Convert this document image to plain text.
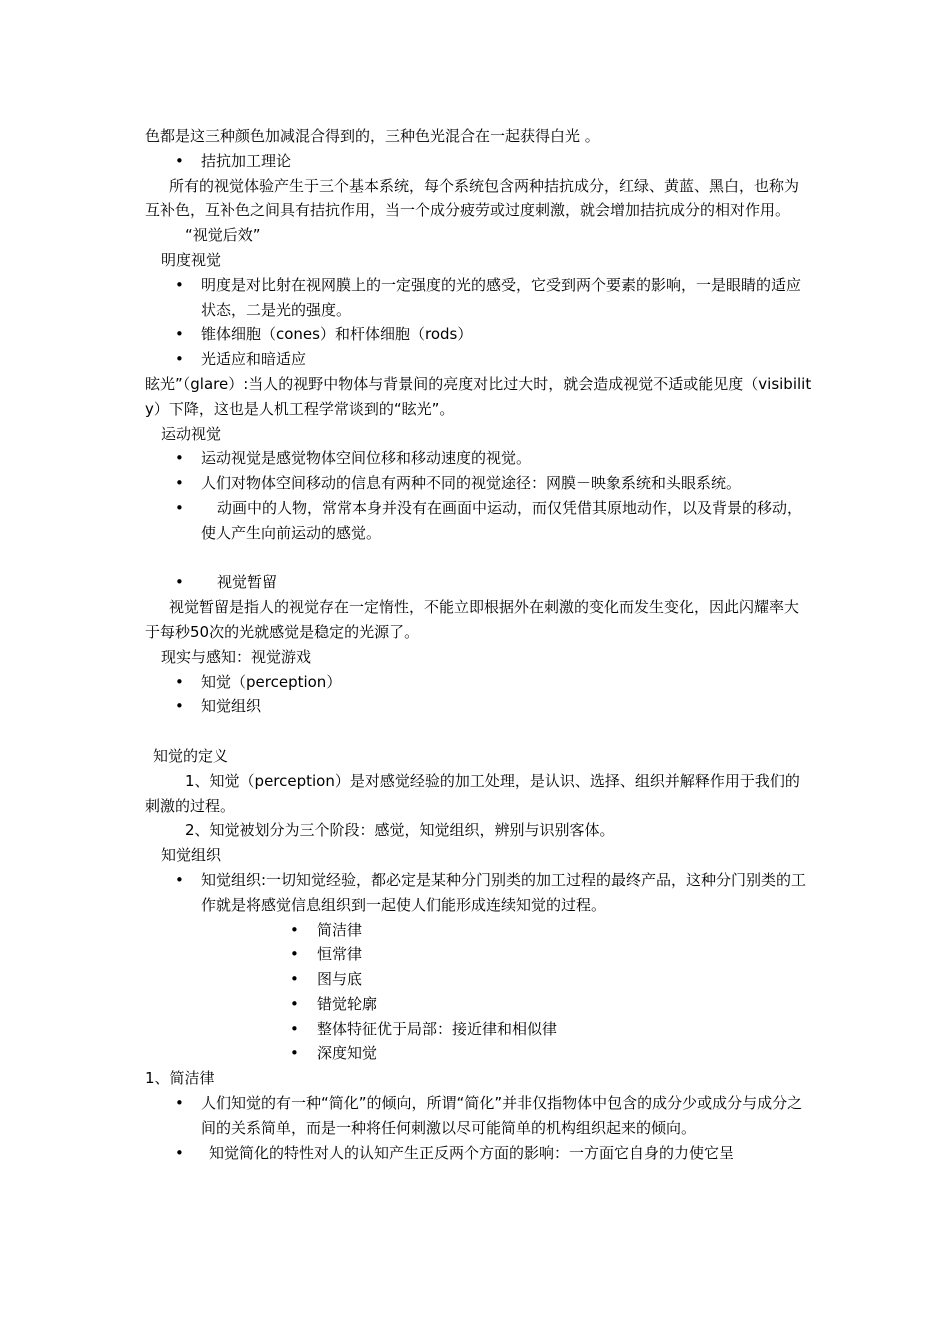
色都是这三种颜色加减混合得到的，三种色光混合在一起获得白光 。
• 拮抗加工理论
所有的视觉体验产生于三个基本系统，每个系统包含两种拮抗成分，红绿、黄蓝、黑白，也称为互补色，互补色之间具有拮抗作用，当一个成分疲劳或过度刺激，就会增加拮抗成分的相对作用。
“视觉后效”
明度视觉
• 明度是对比射在视网膜上的一定强度的光的感受，它受到两个要素的影响，一是眼睛的适应状态，二是光的强度。
• 锥体细胞（cones）和杆体细胞（rods）
• 光适应和暗适应
眩光”（glare）:当人的视野中物体与背景间的亮度对比过大时，就会造成视觉不适或能见度（visibility）下降，这也是人机工程学常谈到的“眩光”。
运动视觉
• 运动视觉是感觉物体空间位移和移动速度的视觉。
• 人们对物体空间移动的信息有两种不同的视觉途径：网膜－映象系统和头眼系统。
•	动画中的人物，常常本身并没有在画面中运动，而仅凭借其原地动作，以及背景的移动，使人产生向前运动的感觉。
•	视觉暂留
视觉暂留是指人的视觉存在一定惰性，不能立即根据外在刺激的变化而发生变化，因此闪耀率大于每秒50次的光就感觉是稳定的光源了。
现实与感知：视觉游戏
• 知觉（perception）
• 知觉组织
知觉的定义
1、知觉（perception）是对感觉经验的加工处理，是认识、选择、组织并解释作用于我们的刺激的过程。
2、知觉被划分为三个阶段：感觉，知觉组织，辨别与识别客体。
知觉组织
• 知觉组织:一切知觉经验，都必定是某种分门别类的加工过程的最终产品，这种分门别类的工作就是将感觉信息组织到一起使人们能形成连续知觉的过程。
• 简洁律
• 恒常律
• 图与底
• 错觉轮廓
• 整体特征优于局部：接近律和相似律
• 深度知觉
1、简洁律
• 人们知觉的有一种“简化”的倾向，所谓“简化”并非仅指物体中包含的成分少或成分与成分之间的关系简单，而是一种将任何刺激以尽可能简单的机构组织起来的倾向。
•	知觉简化的特性对人的认知产生正反两个方面的影响：一方面它自身的力使它呈
